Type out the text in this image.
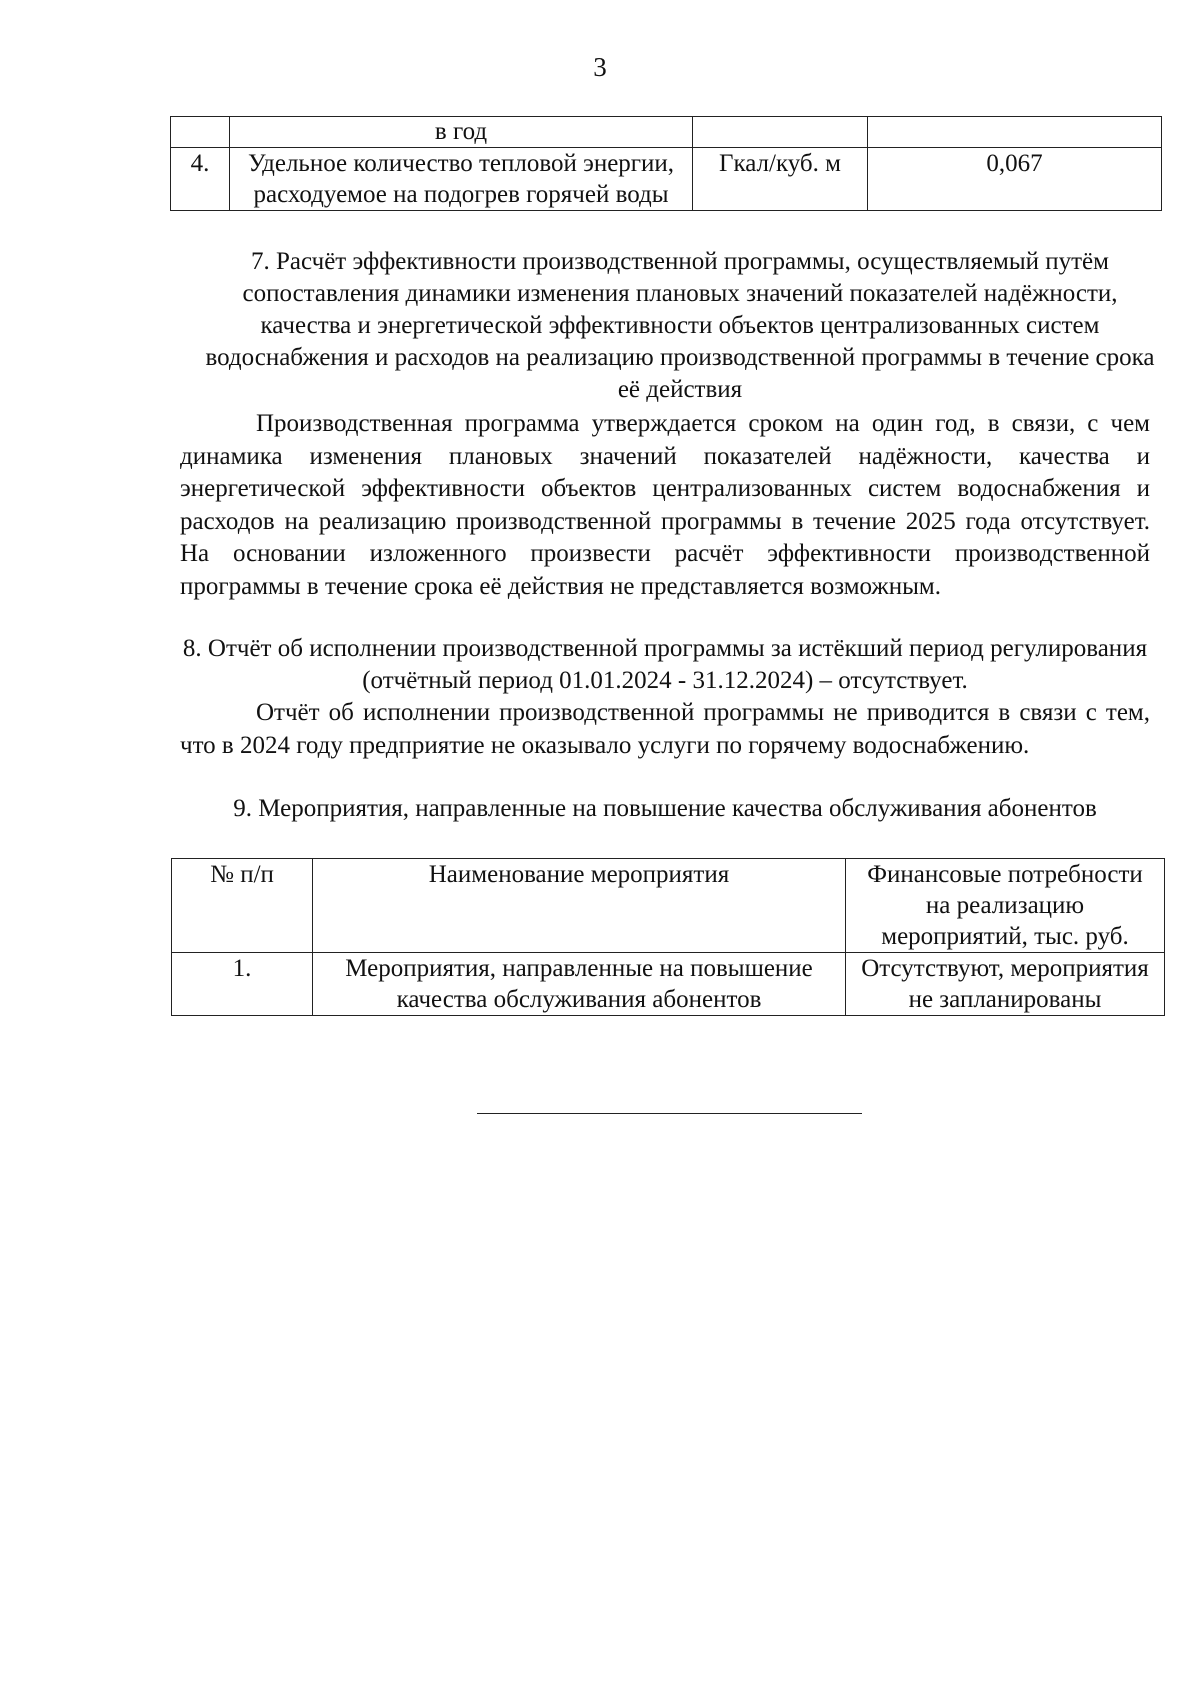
3
	в год		
4.	Удельное количество тепловой энергии, расходуемое на подогрев горячей воды	Гкал/куб. м	0,067
7. Расчёт эффективности производственной программы, осуществляемый путём сопоставления динамики изменения плановых значений показателей надёжности, качества и энергетической эффективности объектов централизованных систем водоснабжения и расходов на реализацию производственной программы в течение срока её действия
Производственная программа утверждается сроком на один год, в связи, с чем динамика изменения плановых значений показателей надёжности, качества и энергетической эффективности объектов централизованных систем водоснабжения и расходов на реализацию производственной программы в течение 2025 года отсутствует. На основании изложенного произвести расчёт эффективности производственной программы в течение срока её действия не представляется возможным.
8. Отчёт об исполнении производственной программы за истёкший период регулирования (отчётный период 01.01.2024 - 31.12.2024) – отсутствует.
Отчёт об исполнении производственной программы не приводится в связи с тем, что в 2024 году предприятие не оказывало услуги по горячему водоснабжению.
9. Мероприятия, направленные на повышение качества обслуживания абонентов
№ п/п	Наименование мероприятия	Финансовые потребности на реализацию мероприятий, тыс. руб.
1.	Мероприятия, направленные на повышение качества обслуживания абонентов	Отсутствуют, мероприятия не запланированы
